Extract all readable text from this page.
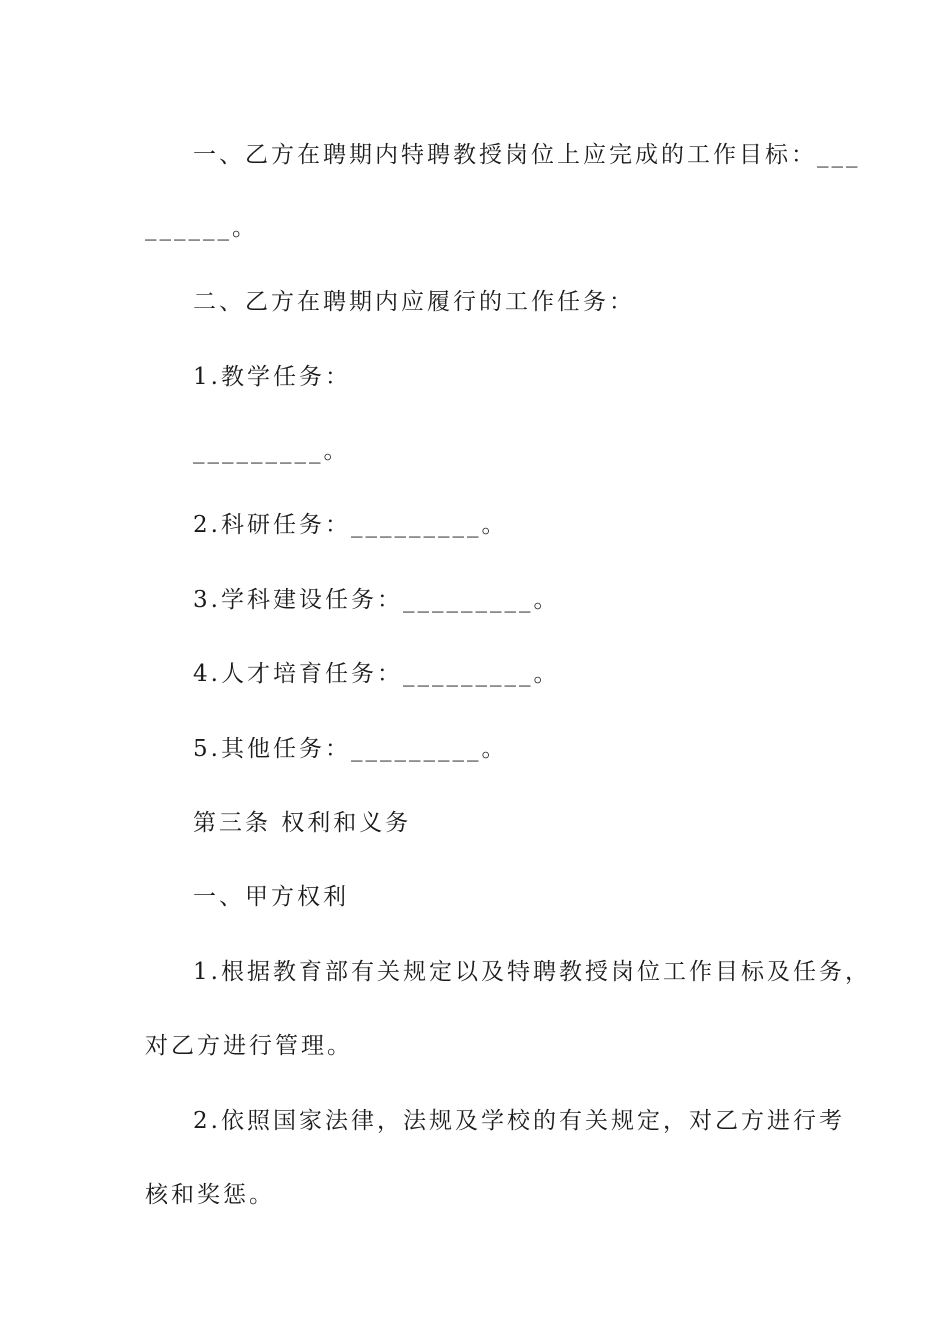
一、乙方在聘期内特聘教授岗位上应完成的工作目标：___

______。

二、乙方在聘期内应履行的工作任务：

1.教学任务：

_________。

2.科研任务：_________。

3.学科建设任务：_________。

4.人才培育任务：_________。

5.其他任务：_________。

第三条 权利和义务

一、甲方权利

1.根据教育部有关规定以及特聘教授岗位工作目标及任务，

对乙方进行管理。

2.依照国家法律，法规及学校的有关规定，对乙方进行考

核和奖惩。
